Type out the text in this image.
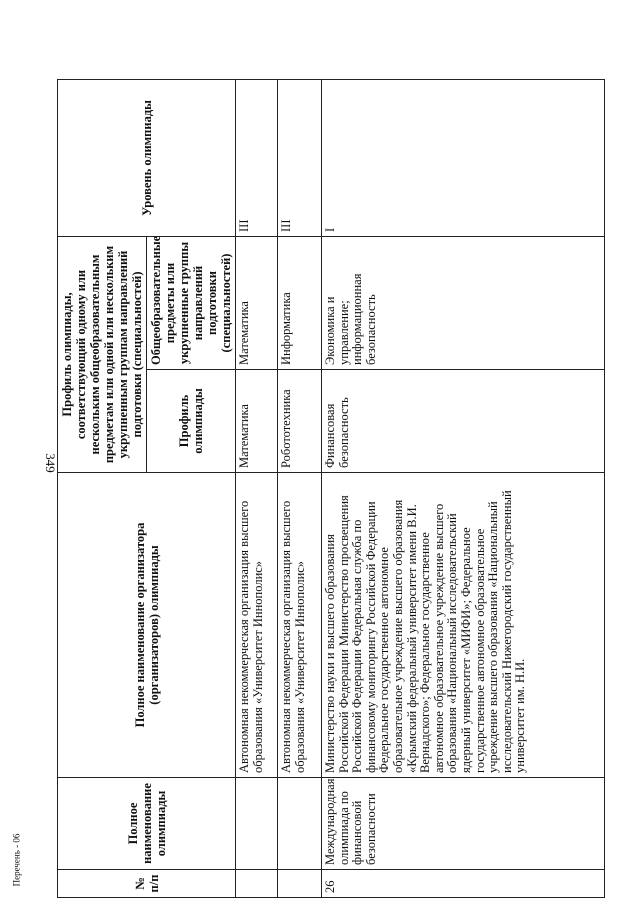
349
№ п/п	Полное наименование олимпиады	Полное наименование организатора (организаторов) олимпиады	Профиль олимпиады, соответствующий одному или нескольким общеобразовательным предметам или одной или нескольким укрупненным группам направлений подготовки (специальностей)		Уровень олимпиады
			Профиль олимпиады	Общеобразовательные предметы или укрупненные группы направлений подготовки (специальностей)	
		Автономная некоммерческая организация высшего образования «Университет Иннополис»	Математика	Математика	III
		Автономная некоммерческая организация высшего образования «Университет Иннополис»	Робототехника	Информатика	III
26	Международная олимпиада по финансовой безопасности	Министерство науки и высшего образования Российской Федерации Министерство просвещения Российской Федерации Федеральная служба по финансовому мониторингу Российской Федерации Федеральное государственное автономное образовательное учреждение высшего образования «Крымский федеральный университет имени В.И. Вернадского»; Федеральное государственное автономное образовательное учреждение высшего образования «Национальный исследовательский ядерный университет «МИФИ»; Федеральное государственное автономное образовательное учреждение высшего образования «Национальный исследовательский Нижегородский государственный университет им. Н.И.	Финансовая безопасность	Экономика и управление; информационная безопасность	I
Перечень - 06
